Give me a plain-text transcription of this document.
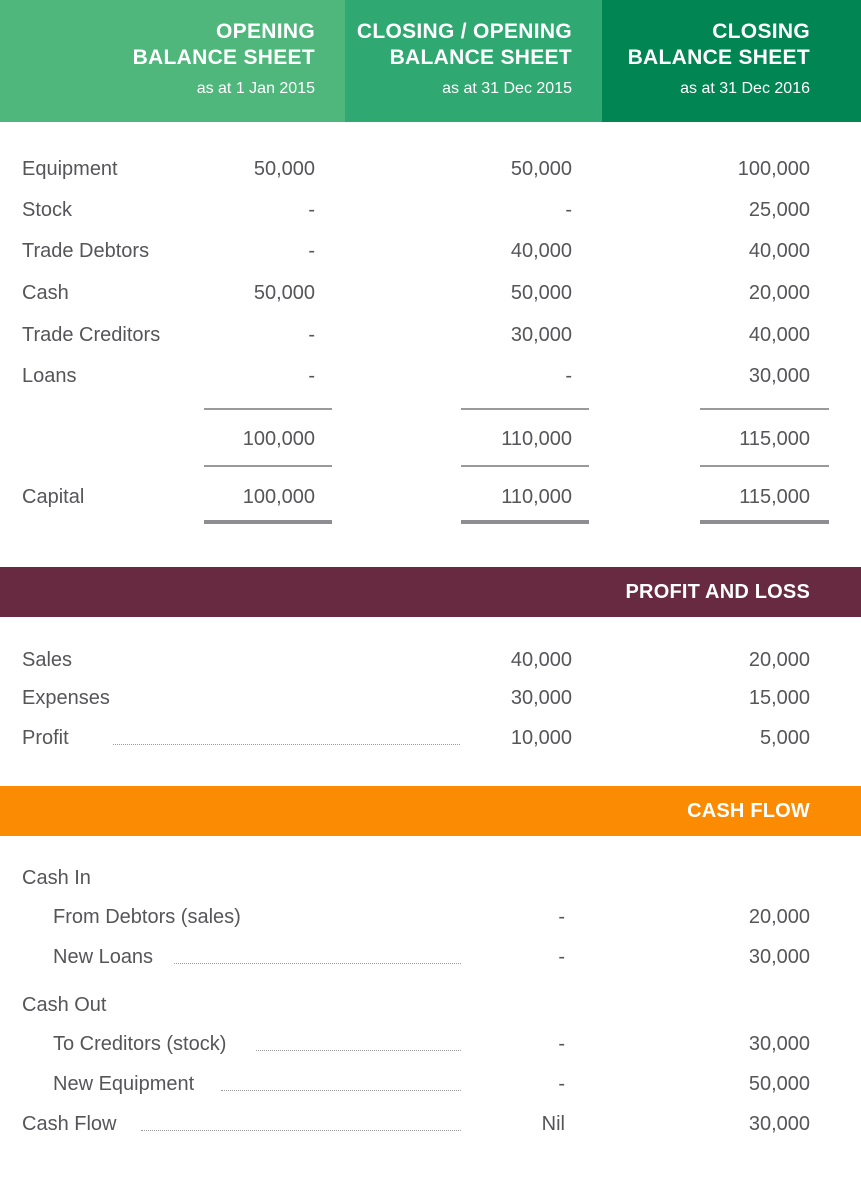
OPENING
BALANCE SHEET
as at 1 Jan 2015
CLOSING / OPENING
BALANCE SHEET
as at 31 Dec 2015
CLOSING
BALANCE SHEET
as at 31 Dec 2016
Equipment	50,000	50,000	100,000
Stock	-	-	25,000
Trade Debtors	-	40,000	40,000
Cash	50,000	50,000	20,000
Trade Creditors	-	30,000	40,000
Loans	-	-	30,000
100,000	110,000	115,000
Capital	100,000	110,000	115,000
PROFIT AND LOSS
Sales	40,000	20,000
Expenses	30,000	15,000
Profit	10,000	5,000
CASH FLOW
Cash In
From Debtors (sales)	-	20,000
New Loans	-	30,000
Cash Out
To Creditors (stock)	-	30,000
New Equipment	-	50,000
Cash Flow	Nil	30,000
